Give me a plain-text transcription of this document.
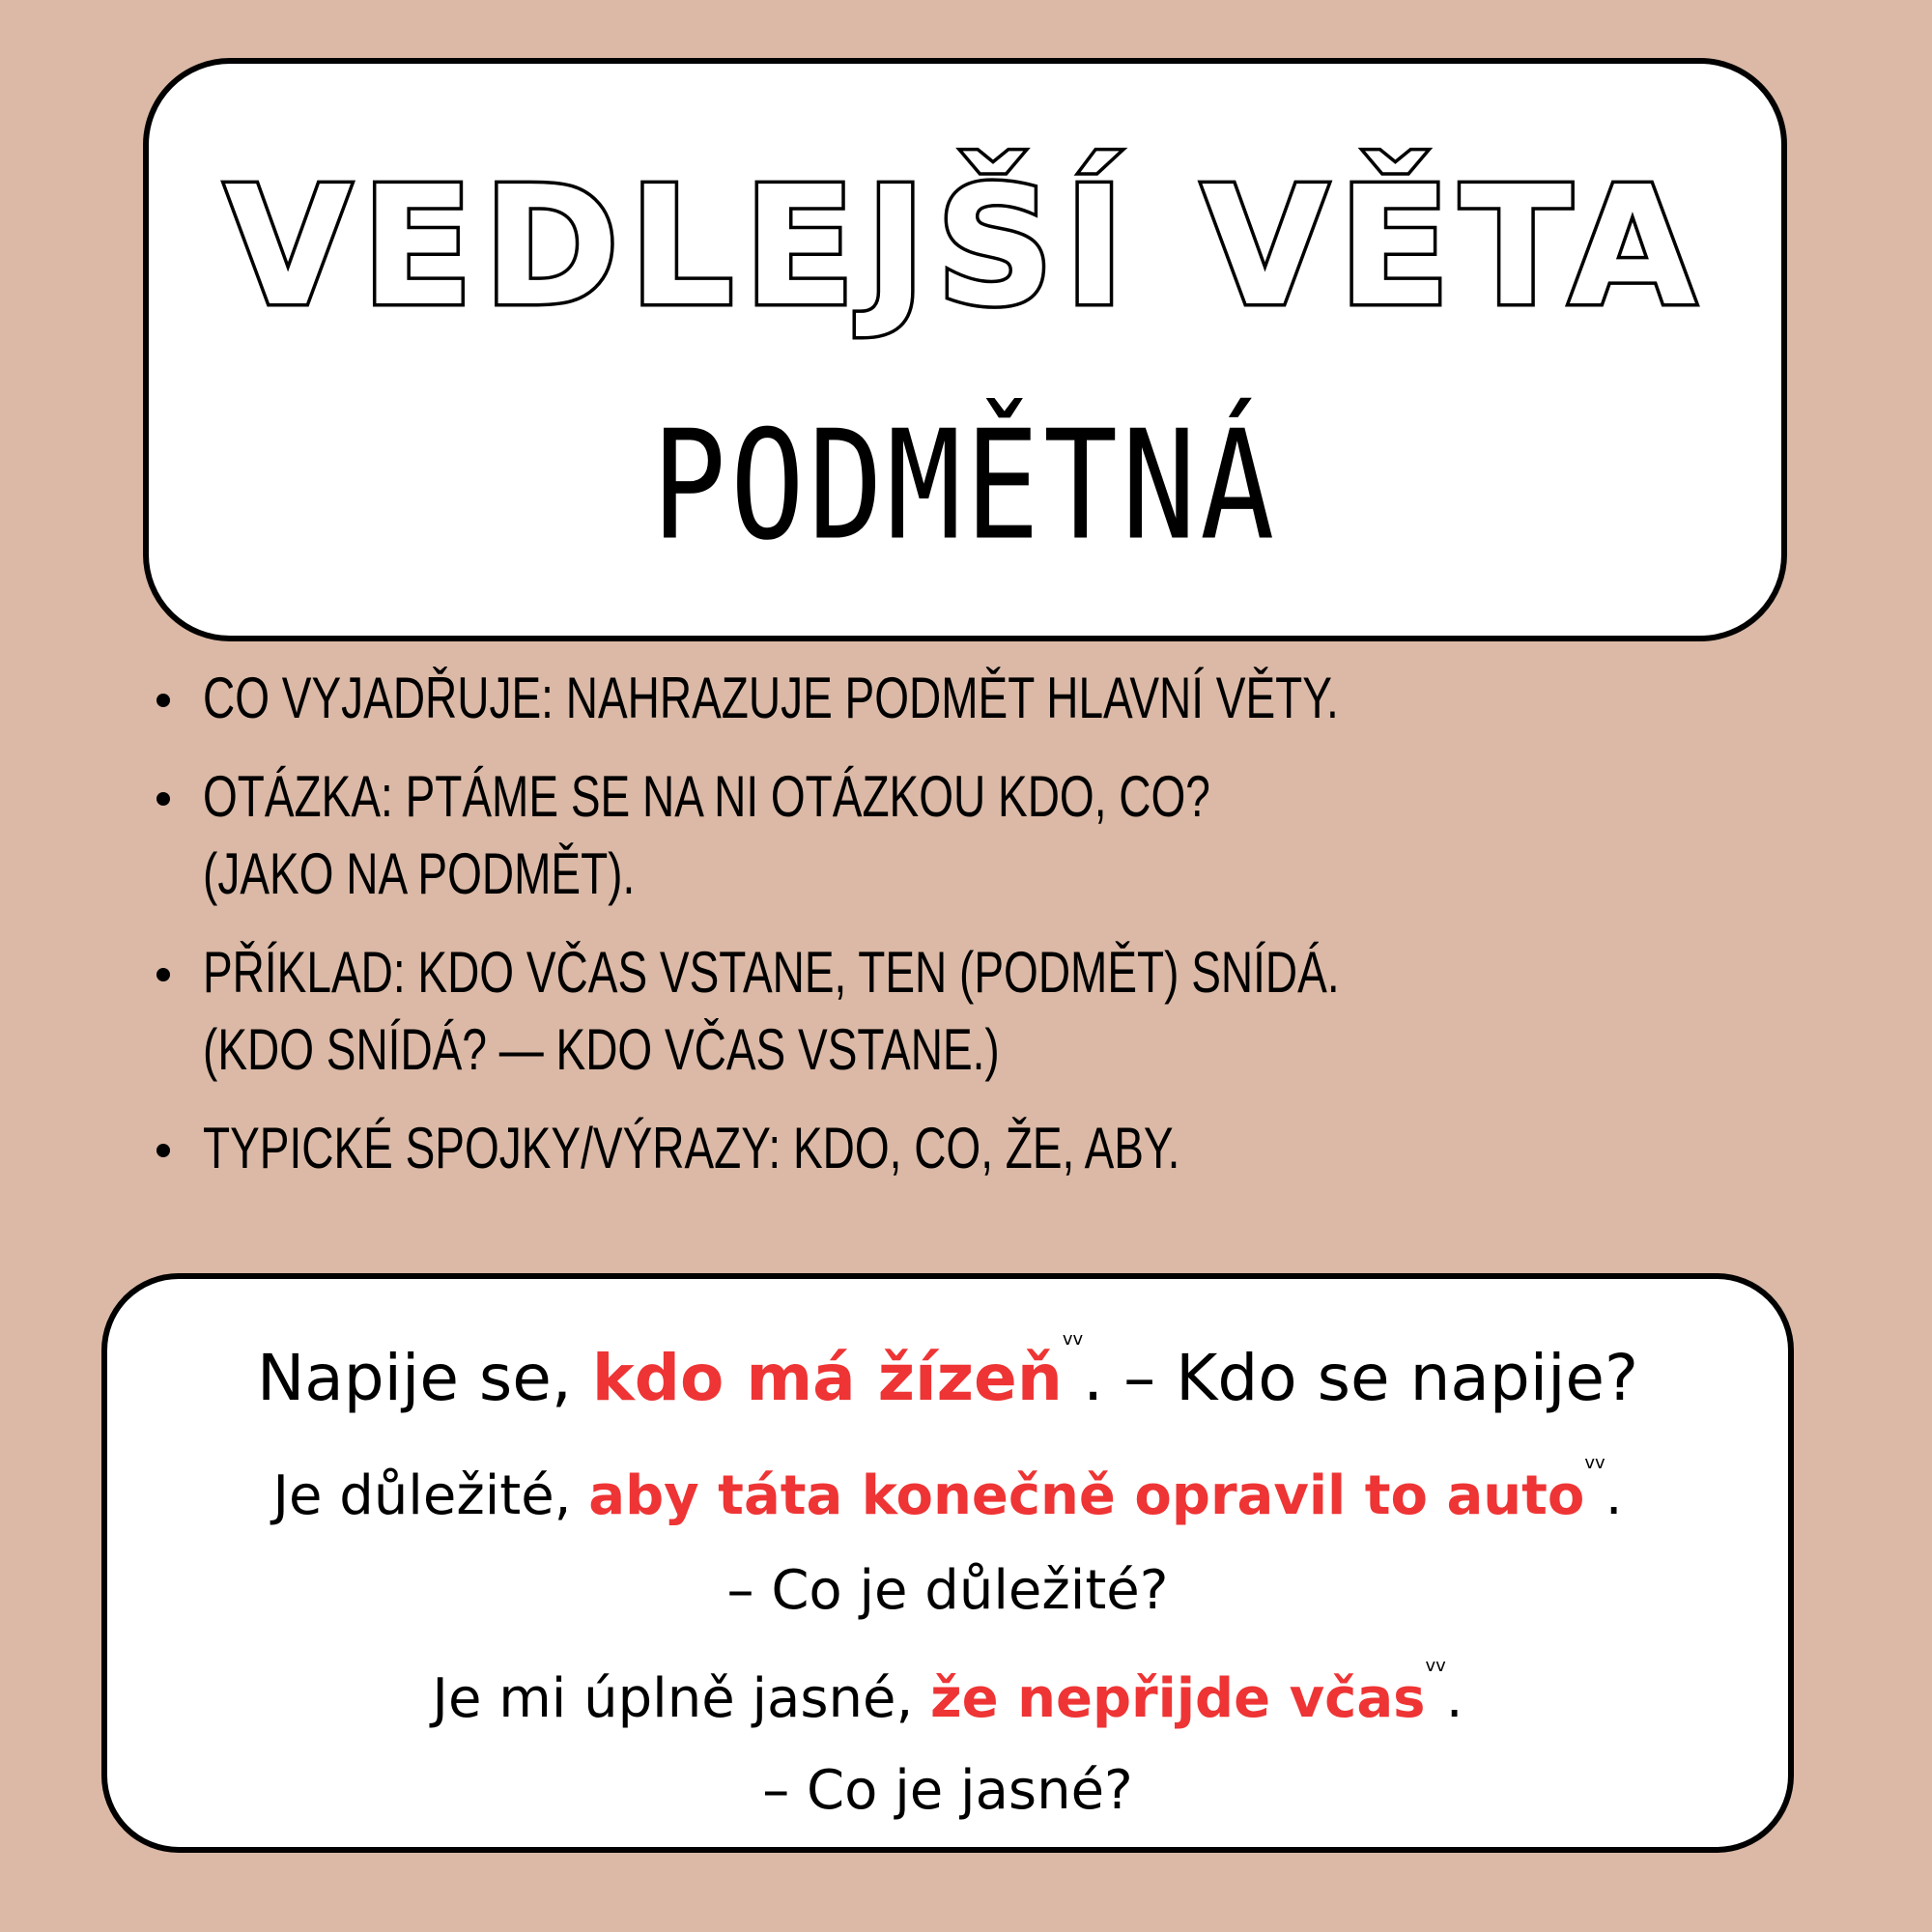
VEDLEJŠÍ VĚTA
PODMĚTNÁ
CO VYJADŘUJE: NAHRAZUJE PODMĚT HLAVNÍ VĚTY.
OTÁZKA: PTÁME SE NA NI OTÁZKOU KDO, CO?
(JAKO NA PODMĚT).
PŘÍKLAD: KDO VČAS VSTANE, TEN (PODMĚT) SNÍDÁ.
(KDO SNÍDÁ? — KDO VČAS VSTANE.)
TYPICKÉ SPOJKY/VÝRAZY: KDO, CO, ŽE, ABY.
Napije se, kdo má žízeň$^{vv}$. – Kdo se napije?
Je důležité, aby táta konečně opravil to auto$^{vv}$.
– Co je důležité?
Je mi úplně jasné, že nepřijde včas$^{vv}$.
– Co je jasné?
